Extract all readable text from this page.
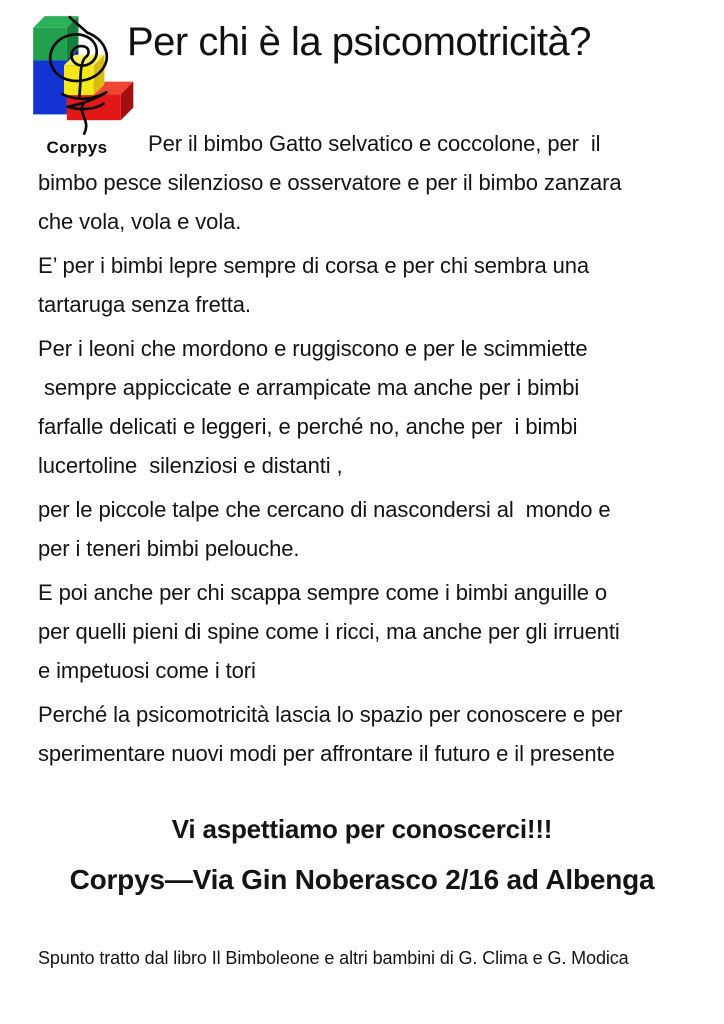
Corpys
Per chi è la psicomotricità?
Per il bimbo Gatto selvatico e coccolone, per  il
bimbo pesce silenzioso e osservatore e per il bimbo zanzara
che vola, vola e vola.
E’ per i bimbi lepre sempre di corsa e per chi sembra una
tartaruga senza fretta.
Per i leoni che mordono e ruggiscono e per le scimmiette
sempre appiccicate e arrampicate ma anche per i bimbi
farfalle delicati e leggeri, e perché no, anche per  i bimbi
lucertoline  silenziosi e distanti ,
per le piccole talpe che cercano di nascondersi al  mondo e
per i teneri bimbi pelouche.
E poi anche per chi scappa sempre come i bimbi anguille o
per quelli pieni di spine come i ricci, ma anche per gli irruenti
e impetuosi come i tori
Perché la psicomotricità lascia lo spazio per conoscere e per
sperimentare nuovi modi per affrontare il futuro e il presente
Vi aspettiamo per conoscerci!!!
Corpys—Via Gin Noberasco 2/16 ad Albenga
Spunto tratto dal libro Il Bimboleone e altri bambini di G. Clima e G. Modica
